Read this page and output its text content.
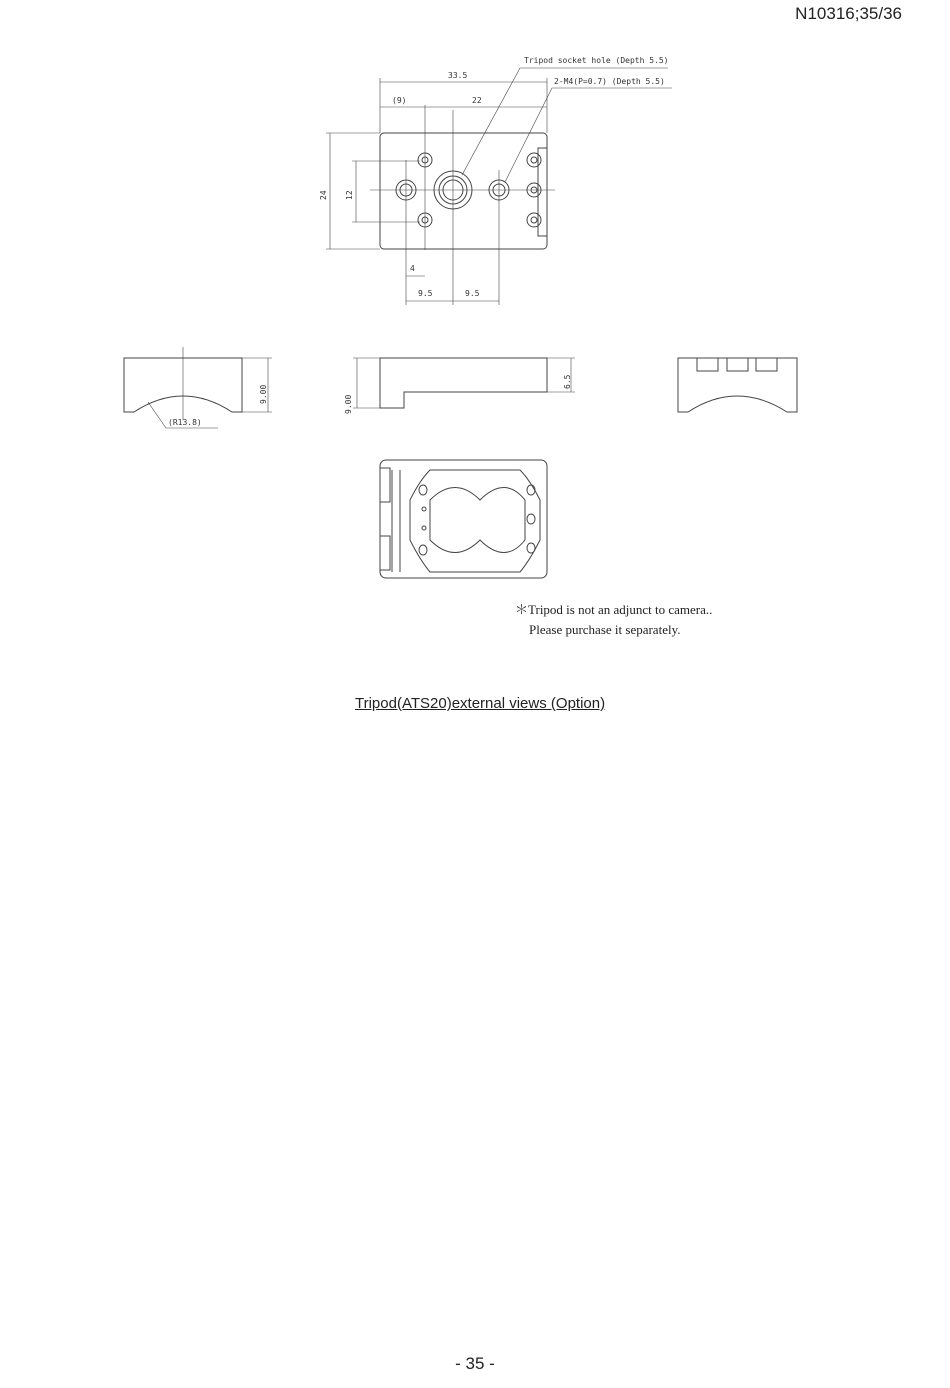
N10316;35/36
Tripod socket hole (Depth 5.5)
2-M4(P=0.7) (Depth 5.5)
33.5
(9)	22
24 12
4
9.5	9.5
9.00
9.00
6.5
(R13.8)
＊Tripod is not an adjunct to camera..
Please purchase it separately.
Tripod(ATS20)external views (Option)
- 35 -
